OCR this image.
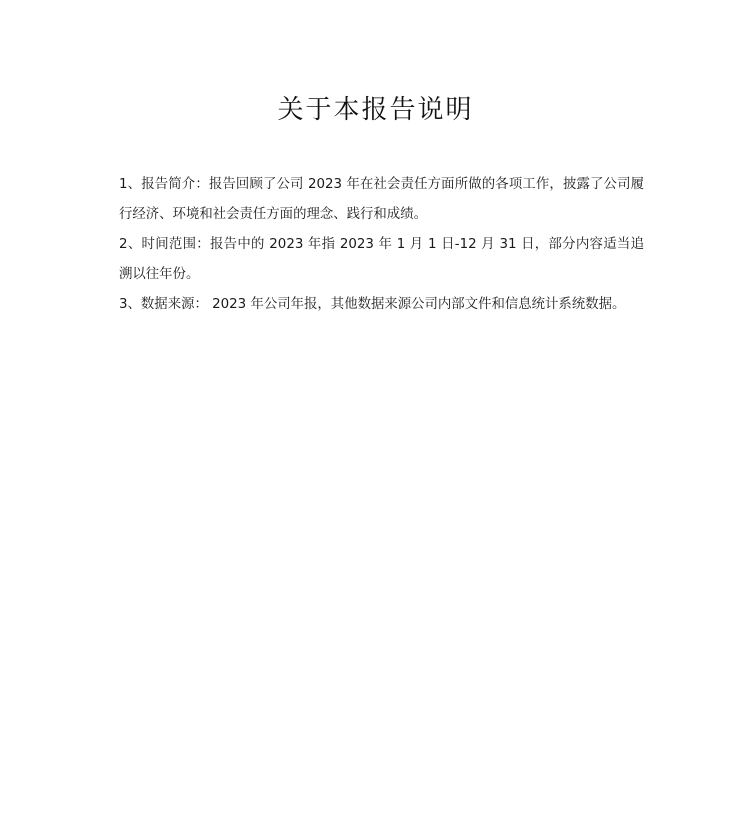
关于本报告说明

1、报告简介：报告回顾了公司 2023 年在社会责任方面所做的各项工作，披露了公司履行经济、环境和社会责任方面的理念、践行和成绩。

2、时间范围：报告中的 2023 年指 2023 年 1 月 1 日-12 月 31 日，部分内容适当追溯以往年份。

3、数据来源： 2023 年公司年报，其他数据来源公司内部文件和信息统计系统数据。
